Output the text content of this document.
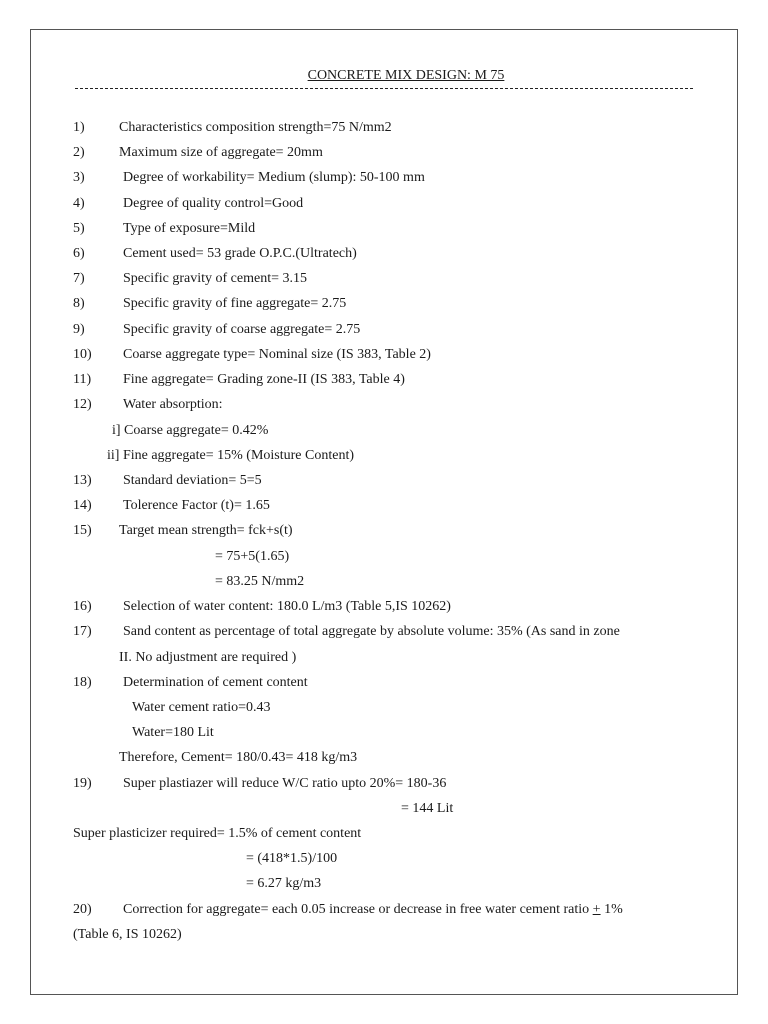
CONCRETE MIX DESIGN: M 75
1) Characteristics composition strength=75 N/mm2
2) Maximum size of aggregate= 20mm
3)	Degree of workability= Medium (slump): 50-100 mm
4)	Degree of quality control=Good
5)	Type of exposure=Mild
6)	Cement used= 53 grade O.P.C.(Ultratech)
7)	Specific gravity of cement= 3.15
8)	Specific gravity of fine aggregate= 2.75
9)	Specific gravity of coarse aggregate= 2.75
10) Coarse aggregate type= Nominal size (IS 383, Table 2)
11) Fine aggregate= Grading zone-II (IS 383, Table 4)
12) Water absorption:
i] Coarse aggregate= 0.42%
ii] Fine aggregate= 15% (Moisture Content)
13) Standard deviation= 5=5
14) Tolerence Factor (t)= 1.65
15) Target mean strength= fck+s(t)
= 75+5(1.65)
= 83.25 N/mm2
16) Selection of water content: 180.0 L/m3 (Table 5,IS 10262)
17) Sand content as percentage of total aggregate by absolute volume: 35% (As sand in zone
II. No adjustment are required )
18) Determination of cement content
Water cement ratio=0.43
Water=180 Lit
Therefore, Cement= 180/0.43= 418 kg/m3
19) Super plastiazer will reduce W/C ratio upto 20%= 180-36
= 144 Lit
Super plasticizer required= 1.5% of cement content
= (418*1.5)/100
= 6.27 kg/m3
20) Correction for aggregate= each 0.05 increase or decrease in free water cement ratio + 1%
(Table 6, IS 10262)
